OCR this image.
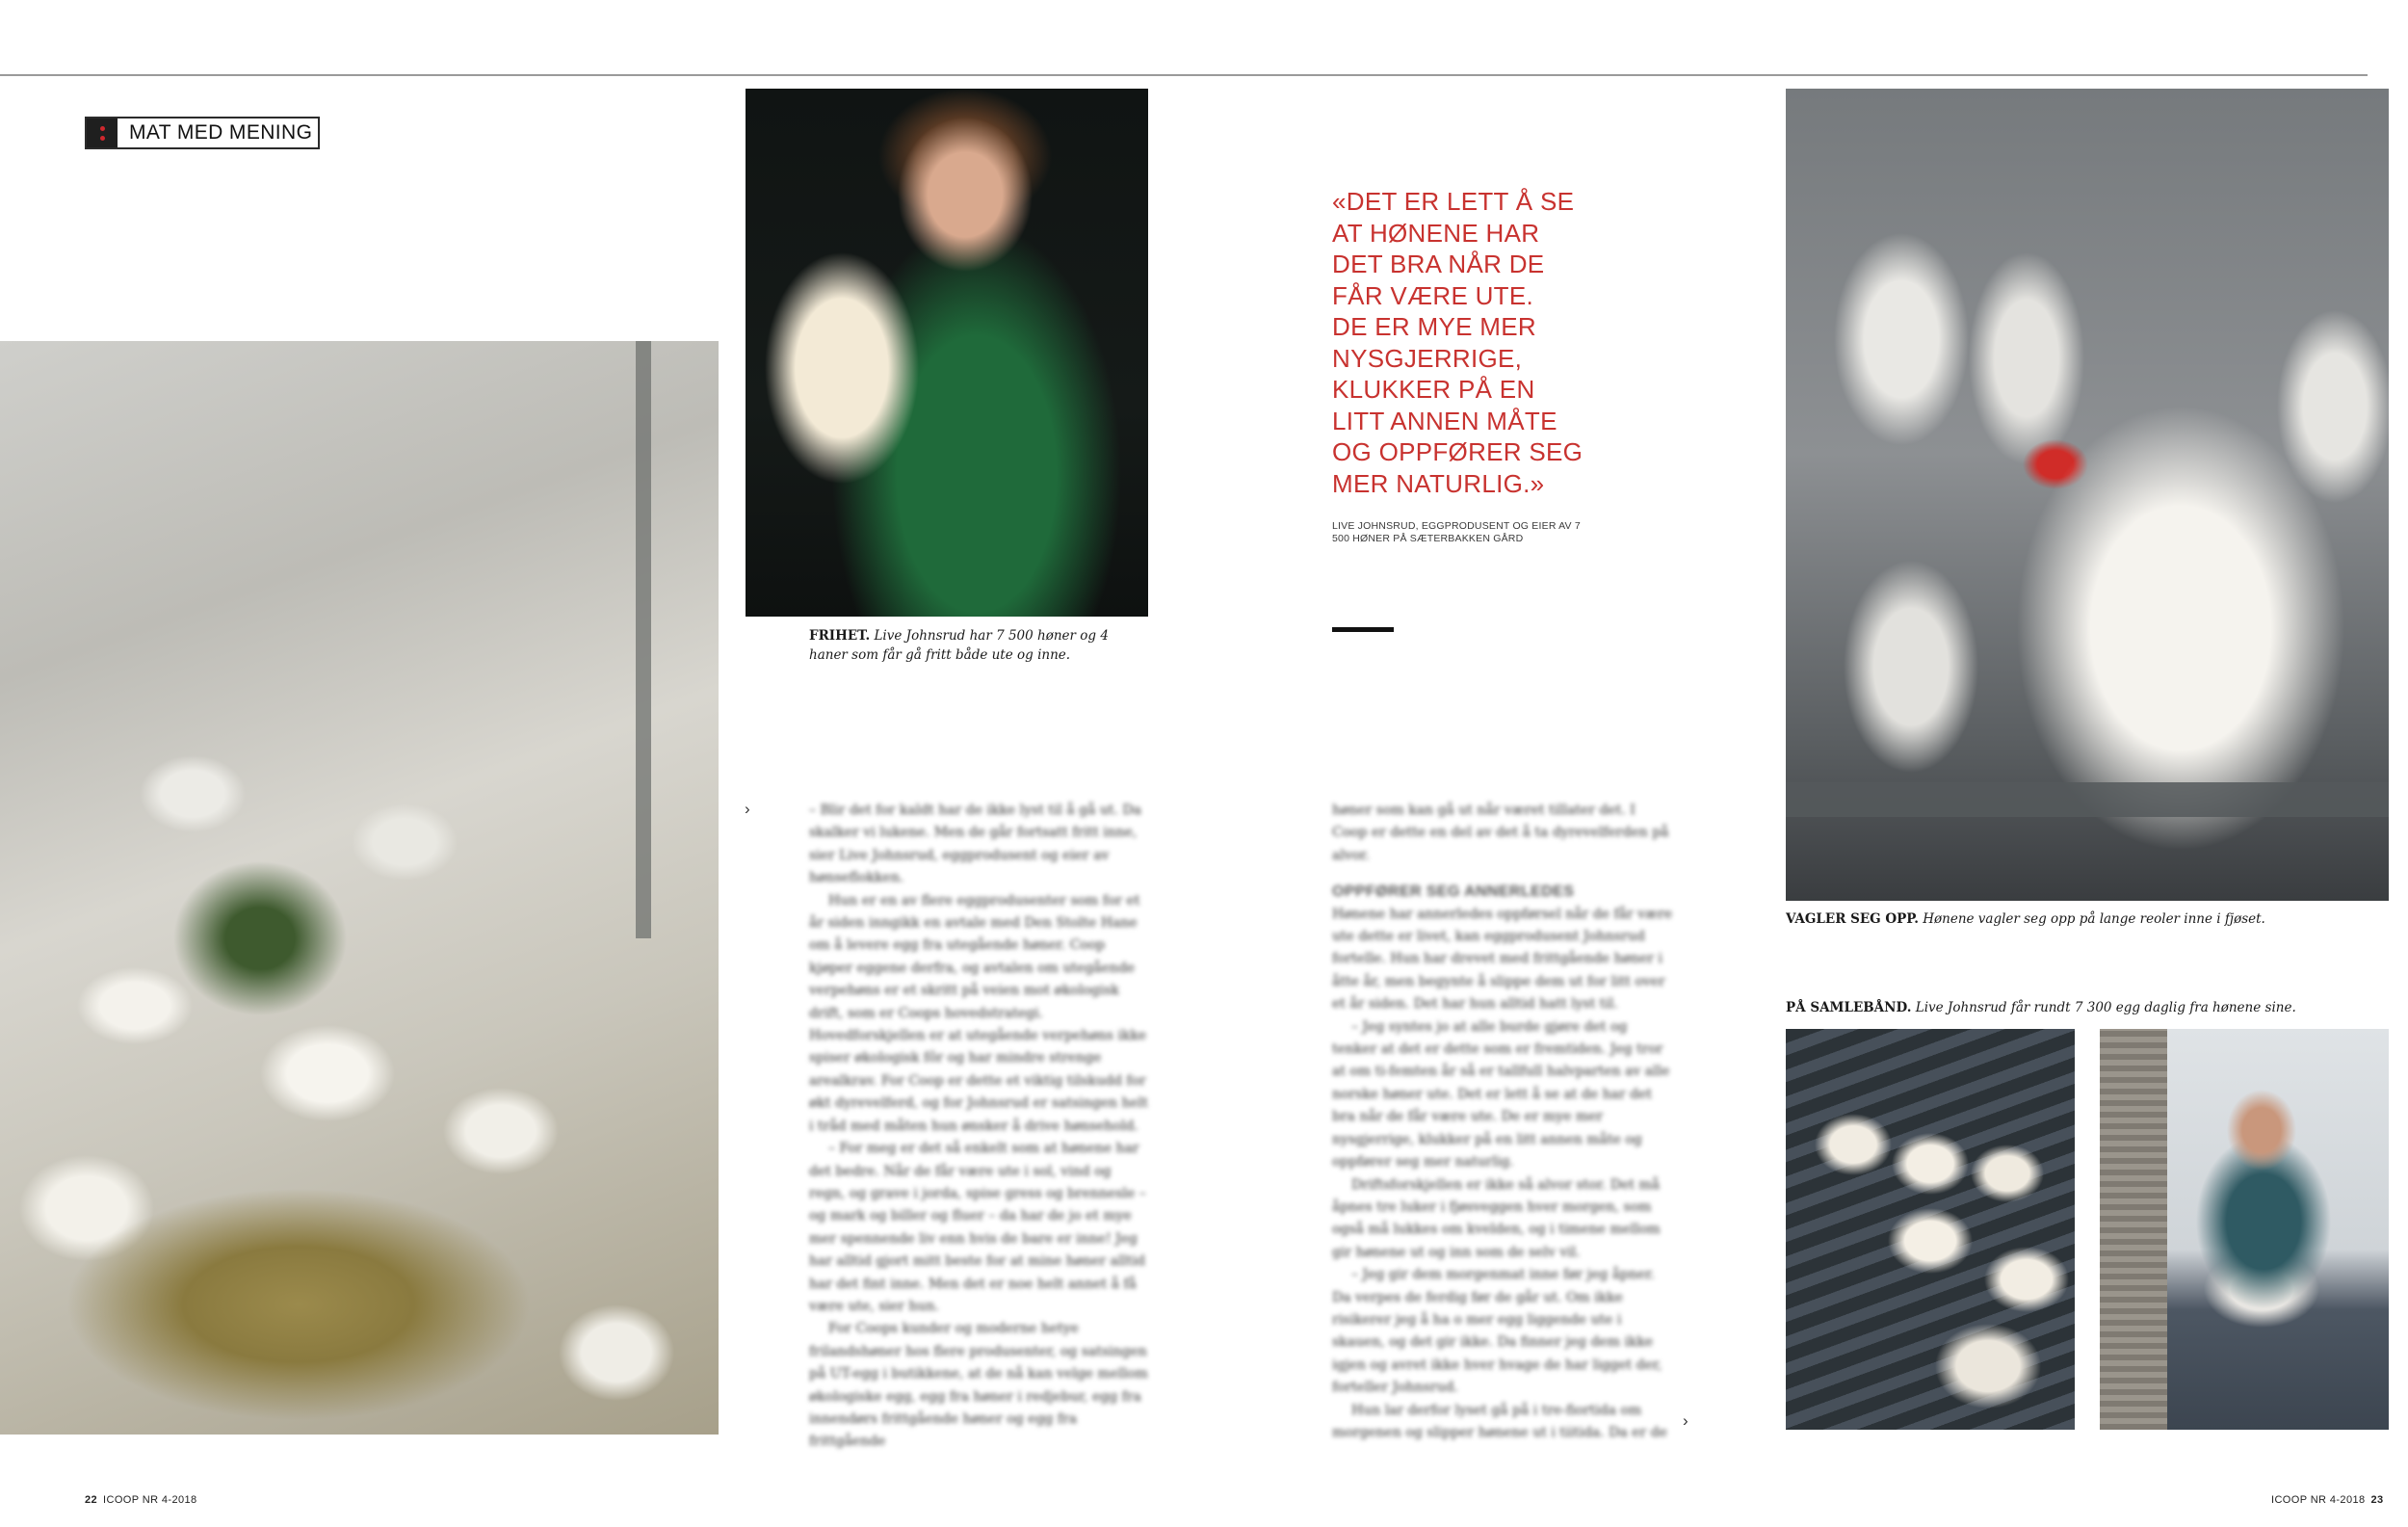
MAT MED MENING
FRIHET. Live Johnsrud har 7 500 høner og 4 haner som får gå fritt både ute og inne.
VAGLER SEG OPP. Hønene vagler seg opp på lange reoler inne i fjøset.
PÅ SAMLEBÅND. Live Johnsrud får rundt 7 300 egg daglig fra hønene sine.
«DET ER LETT Å SE
AT HØNENE HAR
DET BRA NÅR DE
FÅR VÆRE UTE.
DE ER MYE MER
NYSGJERRIGE,
KLUKKER PÅ EN
LITT ANNEN MÅTE
OG OPPFØRER SEG
MER NATURLIG.»
LIVE JOHNSRUD, EGGPRODUSENT OG EIER AV 7 500 HØNER PÅ SÆTERBAKKEN GÅRD
›	– Blir det for kaldt har de ikke lyst til å gå ut. Da skalker vi lukene. Men de går fortsatt fritt inne, sier Live Johnsrud, eggprodusent og eier av hønseflokken.

Hun er en av flere eggprodusenter som for et år siden inngikk en avtale med Den Stolte Hane om å levere egg fra utegående høner. Coop kjøper eggene derfra, og avtalen om utegående verpehøns er et skritt på veien mot økologisk drift, som er Coops hovedstrategi. Hovedforskjellen er at utegående verpehøns ikke spiser økologisk fôr og har mindre strenge arealkrav. For Coop er dette et viktig tilskudd for økt dyrevelferd, og for Johnsrud er satsingen helt i tråd med måten hun ønsker å drive hønsehold.

– For meg er det så enkelt som at hønene har det bedre. Når de får være ute i sol, vind og regn, og grave i jorda, spise gress og brennesle – og mark og biller og fluer – da har de jo et mye mer spennende liv enn hvis de bare er inne! Jeg har alltid gjort mitt beste for at mine høner alltid har det fint inne. Men det er noe helt annet å få være ute, sier hun.

For Coops kunder og moderne hetye frilandshøner hos flere produsenter, og satsingen på UT-egg i butikkene, at de nå kan velge mellom økologiske egg, egg fra høner i redjebur, egg fra innendørs frittgående høner og egg fra frittgående

høner som kan gå ut når været tillater det. I Coop er dette en del av det å ta dyrevelferden på alvor.

OPPFØRER SEG ANNERLEDES

Hønene har annerledes oppførsel når de får være ute dette er livet, kan eggprodusent Johnsrud fortelle. Hun har drevet med frittgående høner i åtte år, men begynte å slippe dem ut for litt over et år siden. Det har hun alltid hatt lyst til.

– Jeg syntes jo at alle burde gjøre det og tenker at det er dette som er fremtiden. Jeg tror at om ti-femten år så er tallfull halvparten av alle norske høner ute. Det er lett å se at de har det bra når de får være ute. De er mye mer nysgjerrige, klukker på en litt annen måte og oppfører seg mer naturlig.

Driftsforskjellen er ikke så alvor stor. Det må åpnes tre luker i fjøsveggen hver morgen, som også må lukkes om kvelden, og i timene mellom gir hønene ut og inn som de selv vil.

– Jeg gir dem morgenmat inne før jeg åpner. Da verpes de ferdig før de går ut. Om ikke risikerer jeg å ha o mer egg liggende ute i skauen, og det gir ikke. Da finner jeg dem ikke igjen og avret ikke hver hvage de har ligget der, forteller Johnsrud.

Hun lar derfor lyset gå på i tre-fiortida om morgenen og slipper hønene ut i tiitida. Da er de

›
22 ICOOP NR 4-2018	ICOOP NR 4-2018 23
